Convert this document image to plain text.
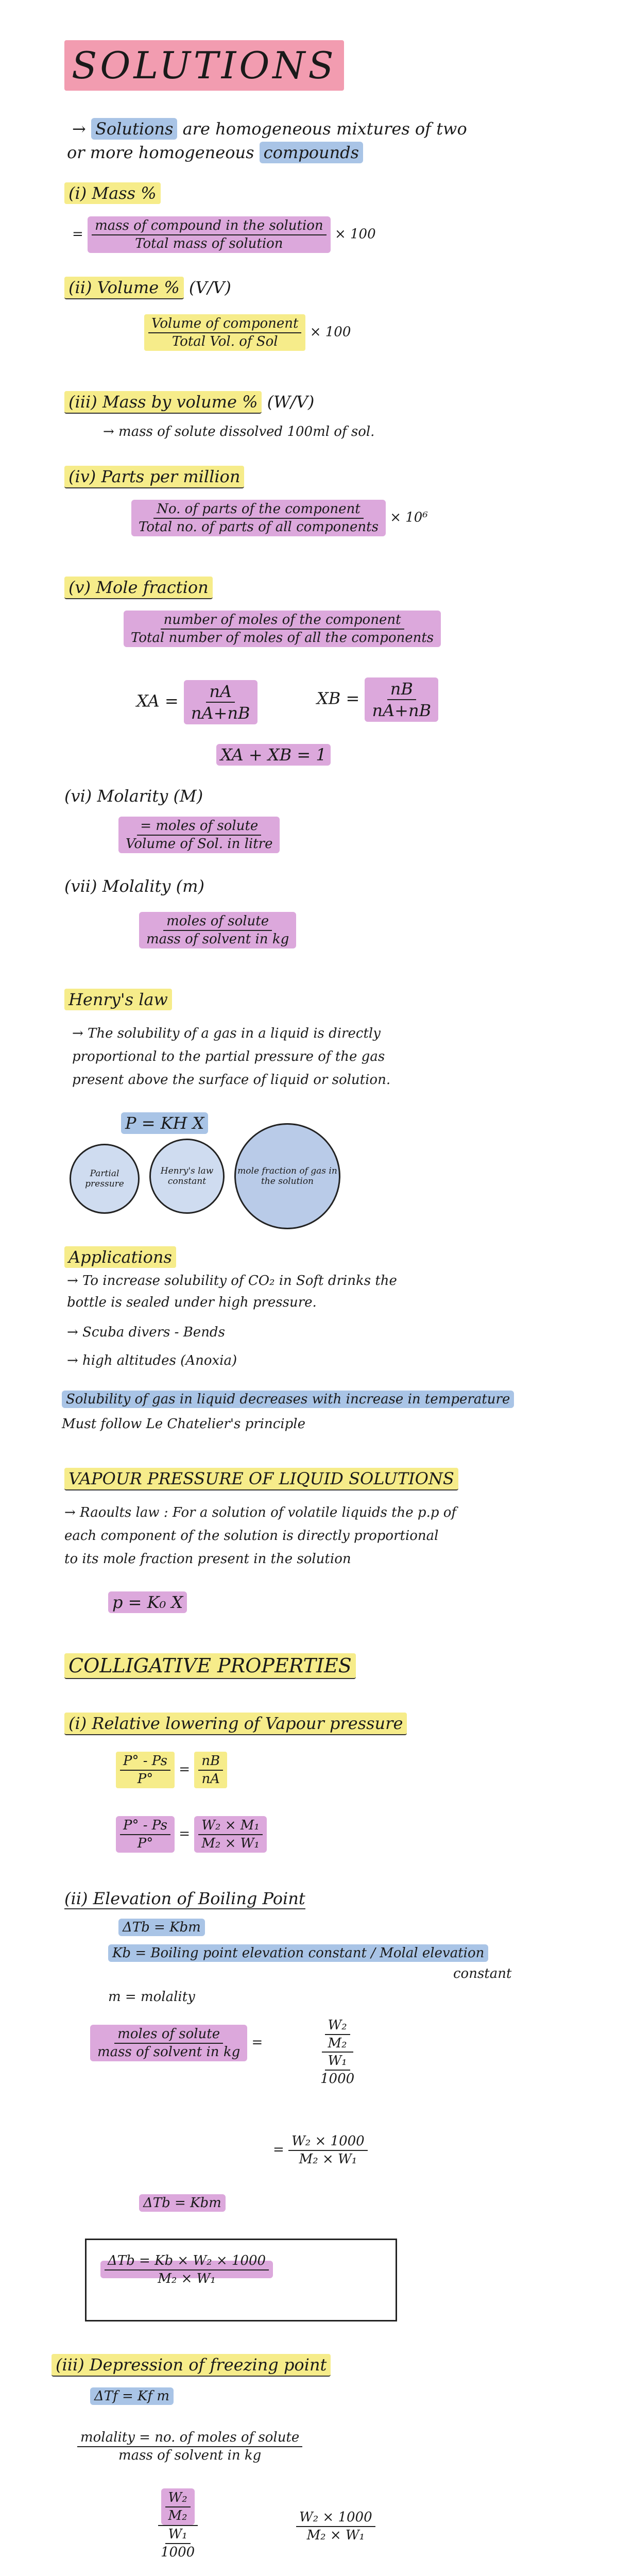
SOLUTIONS
→ Solutions are homogeneous mixtures of two
or more homogeneous compounds
(i) Mass %
= $\frac{\text{mass of compound in the solution}}{\text{Total mass of solution}} \times 100$
(ii) Volume % (V/V)
$\frac{\text{Volume of component}}{\text{Total Vol. of Sol}} \times 100$
(iii) Mass by volume % (W/V)
→ mass of solute dissolved 100ml of sol.
(iv) Parts per million
$\frac{\text{No. of parts of the component}}{\text{Total no. of parts of all components}} \times 10^6$
(v) Mole fraction
$\frac{\text{number of moles of the component}}{\text{Total number of moles of all the components}}$
XA = $\frac{nA}{nA+nB}$	XB = $\frac{nB}{nA+nB}$
XA + XB = 1
(vi) Molarity (M)
$\frac{\text{= moles of solute}}{\text{Volume of Sol. in litre}}$
(vii) Molality (m)
$\frac{\text{moles of solute}}{\text{mass of solvent in kg}}$
Henry's law
→ The solubility of a gas in a liquid is directly
proportional to the partial pressure of the gas
present above the surface of liquid or solution.
P = KH X
Partial pressure
Henry's law constant
mole fraction of gas in the solution
Applications
→ To increase solubility of CO₂ in Soft drinks the
bottle is sealed under high pressure.
→ Scuba divers - Bends
→ high altitudes (Anoxia)
Solubility of gas in liquid decreases with increase in temperature
Must follow Le Chatelier's principle
VAPOUR PRESSURE OF LIQUID SOLUTIONS
→ Raoults law : For a solution of volatile liquids the p.p of
each component of the solution is directly proportional
to its mole fraction present in the solution
p = K₀ X
COLLIGATIVE PROPERTIES
(i) Relative lowering of Vapour pressure
$\frac{P^\circ - Ps}{P^\circ} = \frac{nB}{nA}$
$\frac{P^\circ - Ps}{P^\circ} = \frac{\text{W₂ × M₁}}{\text{M₂ × W₁}}$
(ii) Elevation of Boiling Point
ΔTb = Kbm
Kb = Boiling point elevation constant / Molal elevation
constant
m = molality
$\frac{\text{moles of solute}}{\text{mass of solvent in kg}}$ =	$\frac{\frac{\text{W₂}}{\text{M₂}}}{\frac{\text{W₁}}{1000}}$
= $\frac{\text{W₂ × 1000}}{\text{M₂ × W₁}}$
ΔTb = Kbm
$\frac{\text{ΔTb = Kb × W₂ × 1000}}{\text{M₂ × W₁}}$
(iii) Depression of freezing point
ΔTf = Kf m
$\frac{\text{molality = no. of moles of solute}}{\text{mass of solvent in kg}}$
$\frac{\frac{\text{W₂}}{\text{M₂}}}{\frac{\text{W₁}}{1000}}$	$\frac{\text{W₂ × 1000}}{\text{M₂ × W₁}}$
